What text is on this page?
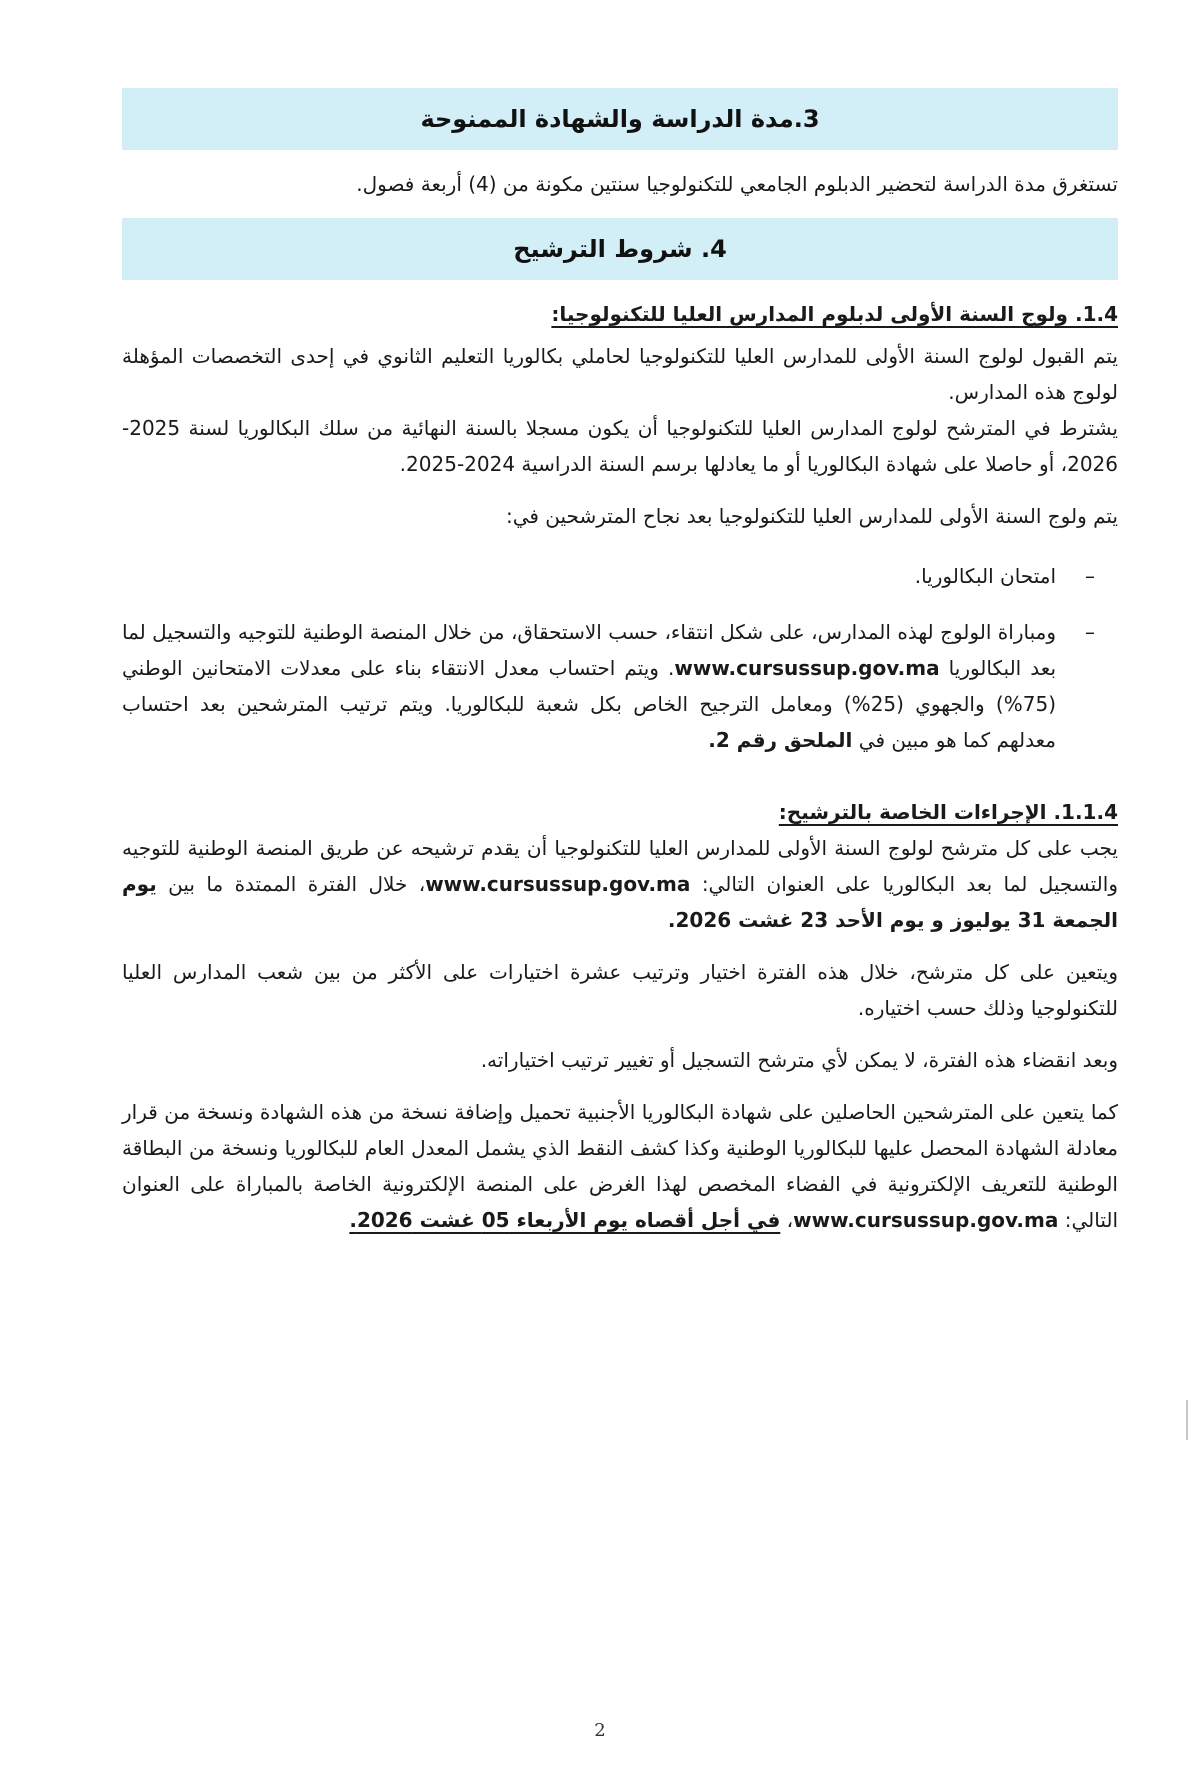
3.مدة الدراسة والشهادة الممنوحة

تستغرق مدة الدراسة لتحضير الدبلوم الجامعي للتكنولوجيا سنتين مكونة من (4) أربعة فصول.

4. شروط الترشيح

1.4. ولوج السنة الأولى لدبلوم المدارس العليا للتكنولوجيا:

يتم القبول لولوج السنة الأولى للمدارس العليا للتكنولوجيا لحاملي بكالوريا التعليم الثانوي في إحدى التخصصات المؤهلة لولوج هذه المدارس.

يشترط في المترشح لولوج المدارس العليا للتكنولوجيا أن يكون مسجلا بالسنة النهائية من سلك البكالوريا لسنة 2025-2026، أو حاصلا على شهادة البكالوريا أو ما يعادلها برسم السنة الدراسية 2024-2025.

يتم ولوج السنة الأولى للمدارس العليا للتكنولوجيا بعد نجاح المترشحين في:

–
امتحان البكالوريا.
–
ومباراة الولوج لهذه المدارس، على شكل انتقاء، حسب الاستحقاق، من خلال المنصة الوطنية للتوجيه والتسجيل لما بعد البكالوريا www.cursussup.gov.ma. ويتم احتساب معدل الانتقاء بناء على معدلات الامتحانين الوطني (75%) والجهوي (25%) ومعامل الترجيح الخاص بكل شعبة للبكالوريا. ويتم ترتيب المترشحين بعد احتساب معدلهم كما هو مبين في الملحق رقم 2.

1.1.4. الإجراءات الخاصة بالترشيح:

يجب على كل مترشح لولوج السنة الأولى للمدارس العليا للتكنولوجيا أن يقدم ترشيحه عن طريق المنصة الوطنية للتوجيه والتسجيل لما بعد البكالوريا على العنوان التالي: www.cursussup.gov.ma، خلال الفترة الممتدة ما بين يوم الجمعة 31 يوليوز و يوم الأحد 23 غشت 2026.

ويتعين على كل مترشح، خلال هذه الفترة اختيار وترتيب عشرة اختيارات على الأكثر من بين شعب المدارس العليا للتكنولوجيا وذلك حسب اختياره.

وبعد انقضاء هذه الفترة، لا يمكن لأي مترشح التسجيل أو تغيير ترتيب اختياراته.

كما يتعين على المترشحين الحاصلين على شهادة البكالوريا الأجنبية تحميل وإضافة نسخة من هذه الشهادة ونسخة من قرار معادلة الشهادة المحصل عليها للبكالوريا الوطنية وكذا كشف النقط الذي يشمل المعدل العام للبكالوريا ونسخة من البطاقة الوطنية للتعريف الإلكترونية في الفضاء المخصص لهذا الغرض على المنصة الإلكترونية الخاصة بالمباراة على العنوان التالي: www.cursussup.gov.ma، في أجل أقصاه يوم الأربعاء 05 غشت 2026.

2
